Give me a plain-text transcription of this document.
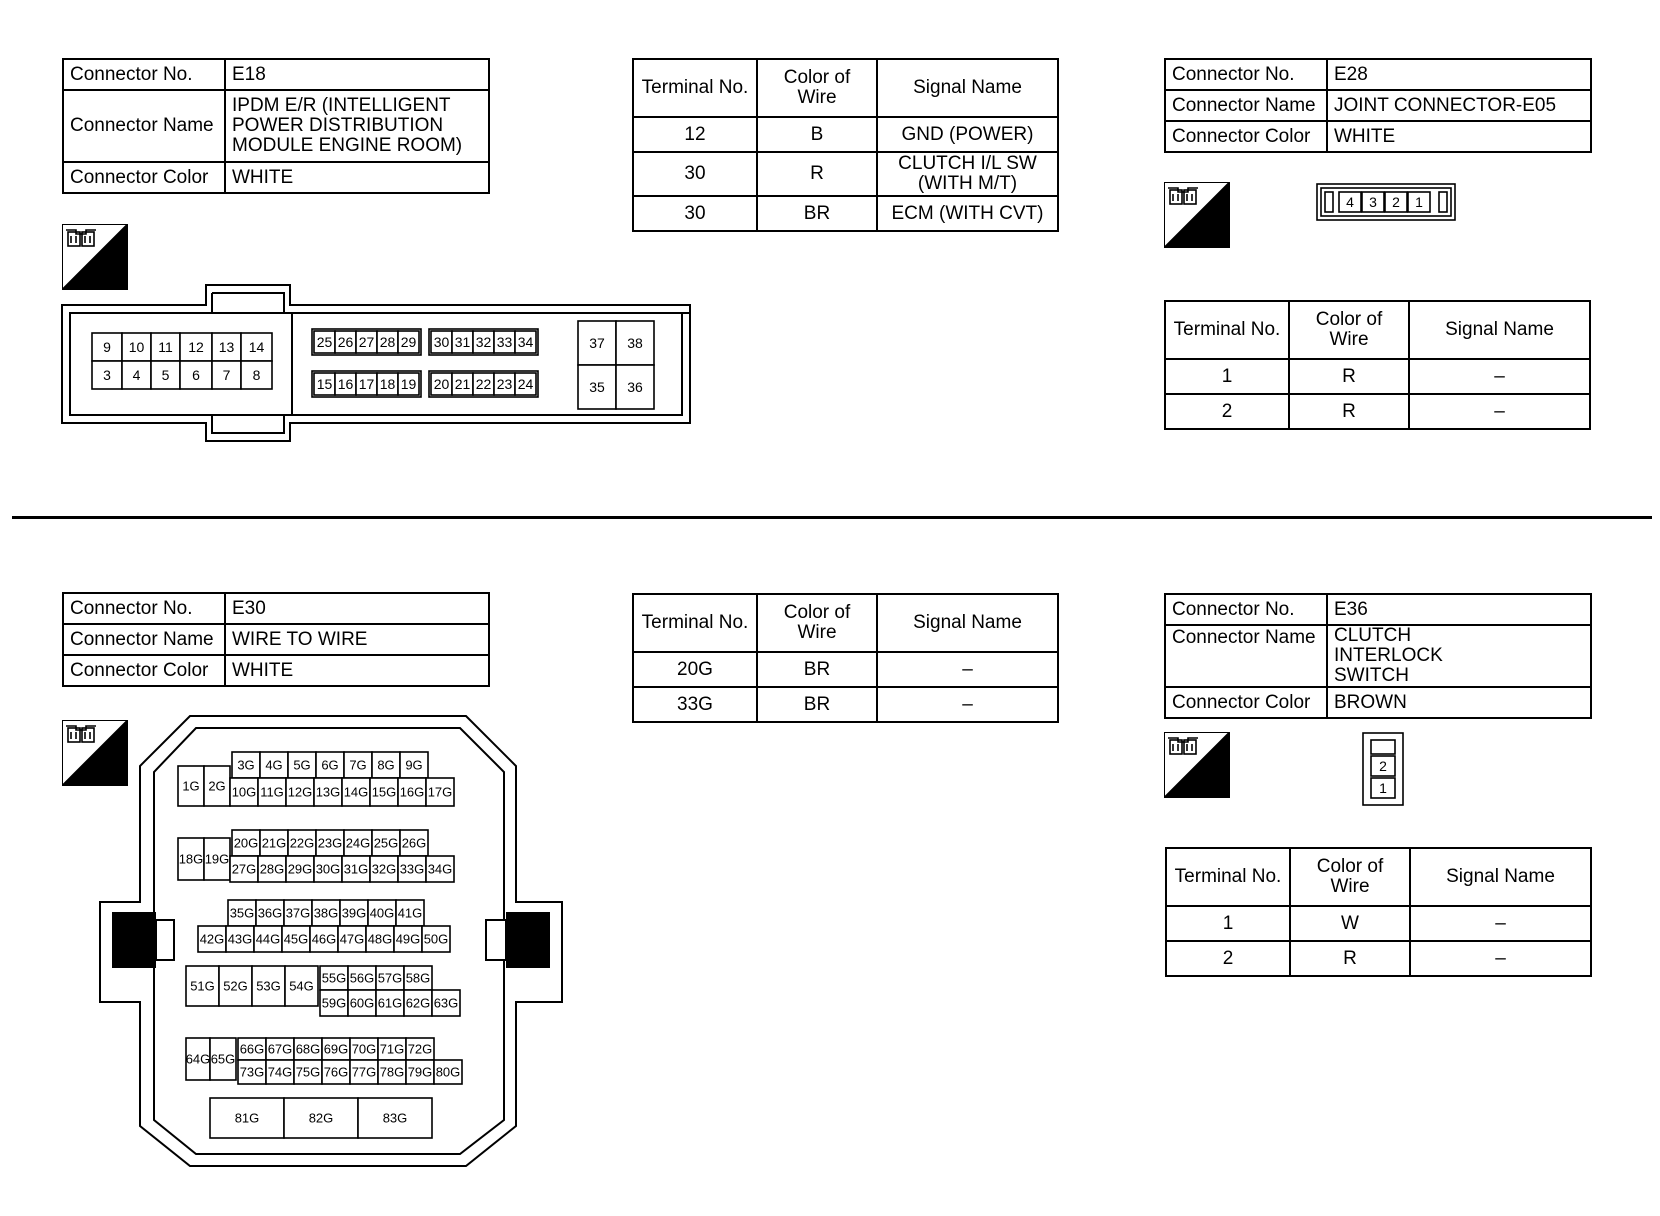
Connector No.	E18
Connector Name	IPDM E/R (INTELLIGENT POWER DISTRIBUTION MODULE ENGINE ROOM)
Connector Color	WHITE
Terminal No.	Color of Wire	Signal Name
12	B	GND (POWER)
30	R	CLUTCH I/L SW (WITH M/T)
30	BR	ECM (WITH CVT)
H.S.
9 10 11 12 13 14
3 4 5 6 7 8
25 26 27 28 29 30 31 32 33 34
15 16 17 18 19 20 21 22 23 24
37 38
35 36
Connector No.	E28
Connector Name	JOINT CONNECTOR-E05
Connector Color	WHITE
H.S.
4 3 2 1
Terminal No.	Color of Wire	Signal Name
1	R	–
2	R	–
Connector No.	E30
Connector Name	WIRE TO WIRE
Connector Color	WHITE
Terminal No.	Color of Wire	Signal Name
20G	BR	–
33G	BR	–
H.S.
1G 2G
3G 4G 5G 6G 7G 8G 9G
10G 11G 12G 13G 14G 15G 16G 17G
18G 19G
20G 21G 22G 23G 24G 25G 26G
27G 28G 29G 30G 31G 32G 33G 34G
35G 36G 37G 38G 39G 40G 41G
42G 43G 44G 45G 46G 47G 48G 49G 50G
51G 52G 53G 54G
55G 56G 57G 58G
59G 60G 61G 62G 63G
64G 65G
66G 67G 68G 69G 70G 71G 72G
73G 74G 75G 76G 77G 78G 79G 80G
81G	82G	83G
Connector No.	E36
Connector Name	CLUTCH INTERLOCK SWITCH
Connector Color	BROWN
H.S.
2
1
Terminal No.	Color of Wire	Signal Name
1	W	–
2	R	–
